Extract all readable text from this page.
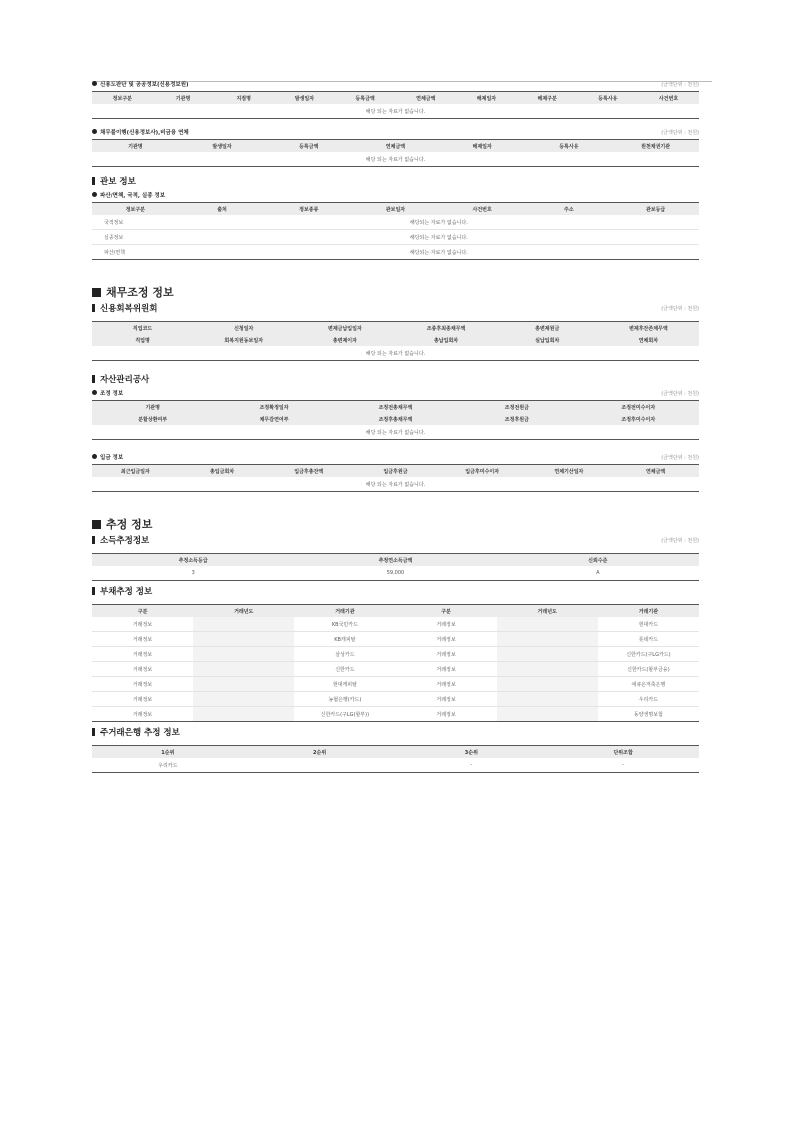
신용도판단 및 공공정보(신용정보원)	(금액단위 : 천원)
정보구분	기관명	지점명	발생일자	등록금액	연체금액	해제일자	해제구분	등록사유	사건번호
해당 되는 자료가 없습니다.
채무불이행(신용정보사),비금융 연체	(금액단위 : 천원)
기관명	발생일자	등록금액	연체금액	해제일자	등록사유	원천채권기관
해당 되는 자료가 없습니다.
관보 정보
파산/면책, 국적, 실종 정보
정보구분	출처	정보종류	관보일자	사건번호	주소	관보등급
국적정보	해당되는 자료가 없습니다.					
실종정보	해당되는 자료가 없습니다.					
파산/면책	해당되는 자료가 없습니다.					
채무조정 정보
신용회복위원회	(금액단위 : 천원)
직업코드	신청일자	변제금납입일자	조종후최종채무액	총변제원금	변제후잔존채무액
직업명	회복지원동보일자	총변제이자	총납입회차	실납입회차	연체회차
해당 되는 자료가 없습니다.					
자산관리공사
조정 정보	(금액단위 : 천원)
기관명	조정확정일자	조정전총채무액	조정전원금	조정전미수이자
분할상환여부	채무감면여부	조정후총채무액	조정후원금	조정후미수이자
해당 되는 자료가 없습니다.				
입금 정보	(금액단위 : 천원)
최근입금일자	총입금회차	입금후총잔액	입금후원금	입금후미수이자	연체기산일자	연체금액
해당 되는 자료가 없습니다.
추정 정보
소득추정정보	(금액단위 : 천원)
추정소득등급	추정연소득금액	신뢰수준
3	59,000	A
부채추정 정보
구분	거래년도	거래기관	구분	거래년도	거래기관
거래정보		KB국민카드	거래정보		현대카드
거래정보		KB캐피탈	거래정보		롯데카드
거래정보		삼성카드	거래정보		신한카드(구LG카드)
거래정보		신한카드	거래정보		신한카드(할부금융)
거래정보		현대캐피탈	거래정보		애큐온저축은행
거래정보		농협은행(카드)	거래정보		우리카드
거래정보		신한카드(구LG(할부))	거래정보		동양생명보험
주거래은행 추정 정보
1순위	2순위	3순위	단위조합
우리카드		-	-
